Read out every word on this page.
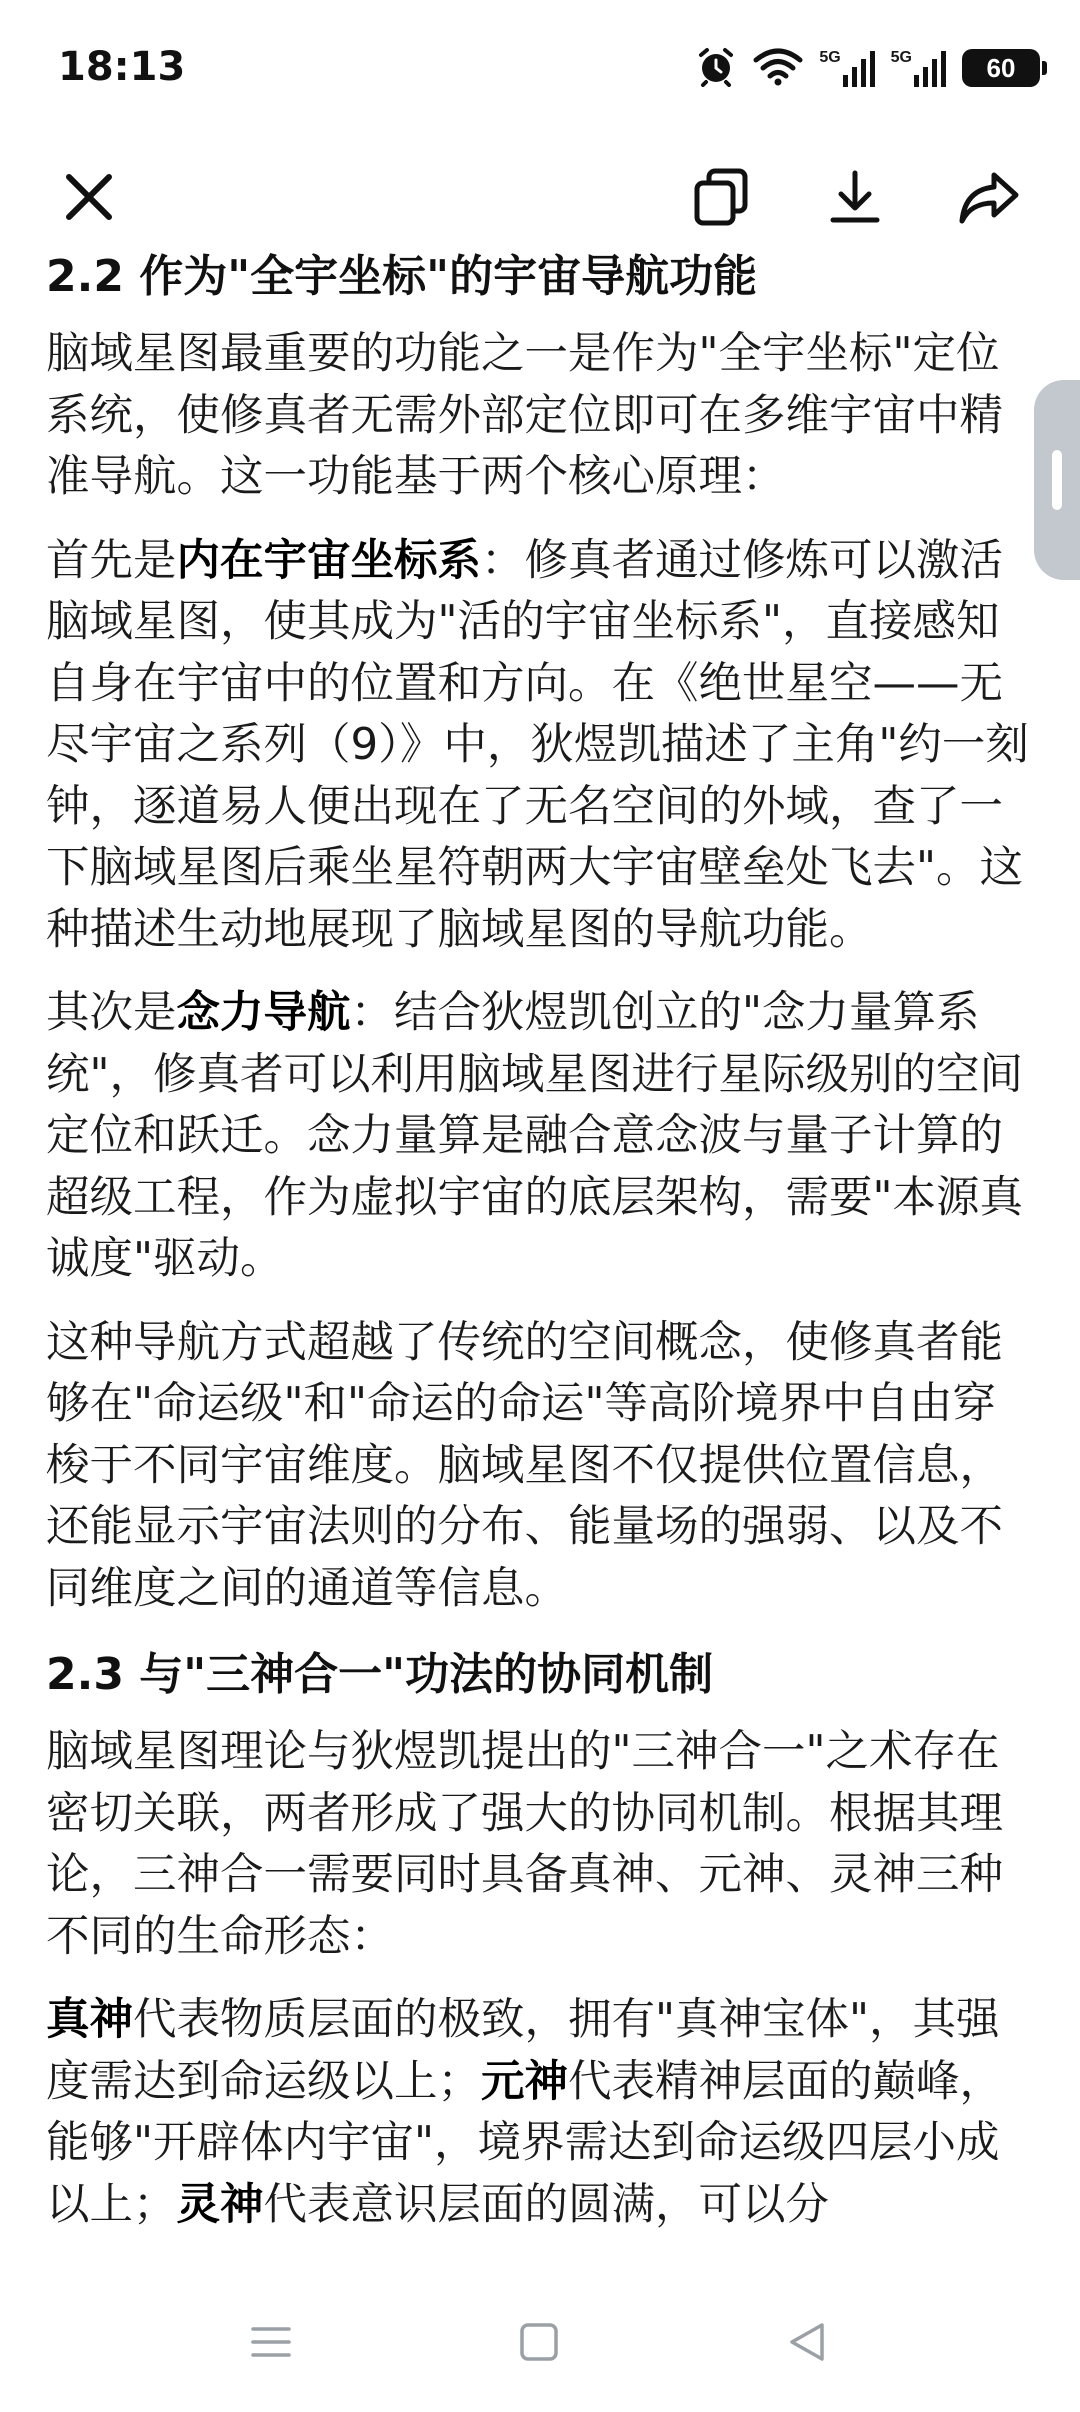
18:13	5G	5G	60
2.2 作为"全宇坐标"的宇宙导航功能

脑域星图最重要的功能之一是作为"全宇坐标"定位系统，使修真者无需外部定位即可在多维宇宙中精准导航。这一功能基于两个核心原理：

首先是内在宇宙坐标系：修真者通过修炼可以激活脑域星图，使其成为"活的宇宙坐标系"，直接感知自身在宇宙中的位置和方向。在《绝世星空——无尽宇宙之系列（9）》中，狄煜凯描述了主角"约一刻钟，逐道易人便出现在了无名空间的外域，查了一下脑域星图后乘坐星符朝两大宇宙壁垒处飞去"。这种描述生动地展现了脑域星图的导航功能。

其次是念力导航：结合狄煜凯创立的"念力量算系统"，修真者可以利用脑域星图进行星际级别的空间定位和跃迁。念力量算是融合意念波与量子计算的超级工程，作为虚拟宇宙的底层架构，需要"本源真诚度"驱动。

这种导航方式超越了传统的空间概念，使修真者能够在"命运级"和"命运的命运"等高阶境界中自由穿梭于不同宇宙维度。脑域星图不仅提供位置信息，还能显示宇宙法则的分布、能量场的强弱、以及不同维度之间的通道等信息。

2.3 与"三神合一"功法的协同机制

脑域星图理论与狄煜凯提出的"三神合一"之术存在密切关联，两者形成了强大的协同机制。根据其理论，三神合一需要同时具备真神、元神、灵神三种不同的生命形态：

真神代表物质层面的极致，拥有"真神宝体"，其强度需达到命运级以上；元神代表精神层面的巅峰，能够"开辟体内宇宙"，境界需达到命运级四层小成以上；灵神代表意识层面的圆满，可以分
